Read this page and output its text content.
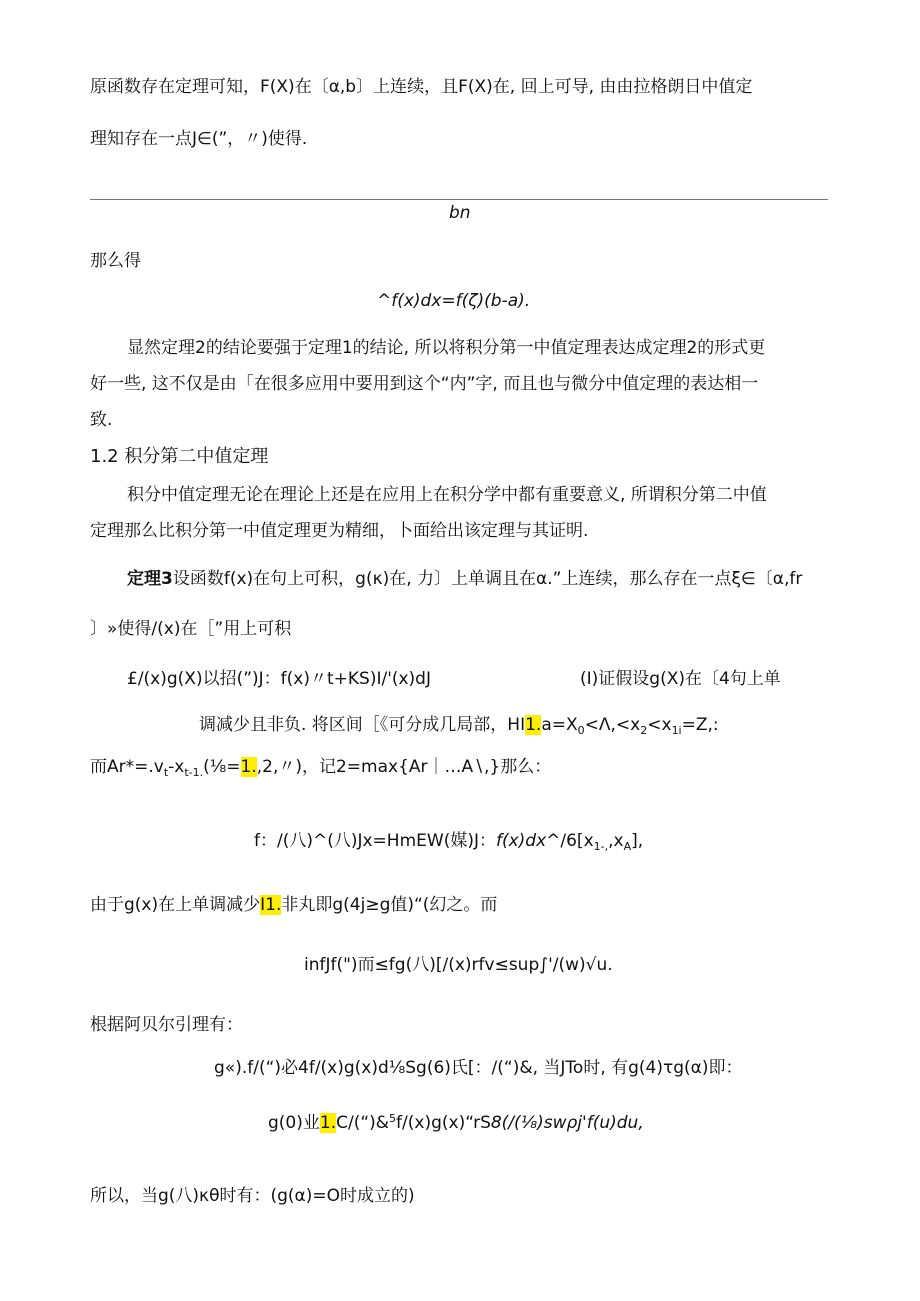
原函数存在定理可知，F(X)在〔α,b〕上连续，且F(X)在, 回上可导, 由由拉格朗日中值定
理知存在一点J∈(”，〃)使得.
bn
那么得
^f(x)dx=f(ζ)(b-a).
显然定理2的结论要强于定理1的结论, 所以将积分第一中值定理表达成定理2的形式更
好一些, 这不仅是由「在很多应用中要用到这个“内”字, 而且也与微分中值定理的表达相一
致.
1.2 积分第二中值定理
积分中值定理无论在理论上还是在应用上在积分学中都有重要意义, 所谓积分第二中值
定理那么比积分第一中值定理更为精细，卜面给出该定理与其证明.
定理3设函数f(x)在句上可积，g(κ)在, 力〕上单调且在α.”上连续，那么存在一点ξ∈〔α,fr
〕»使得/(x)在［”用上可积
£/(x)g(X)以招(”)J：f(x)〃t+KS)I/'(x)dJ	(I)证假设g(X)在〔4句上单
调减少且非负. 将区间［《可分成几局部，$HI1.a=X_0<\Lambda,<x_2<x_{1i}=Z$,:
而$Ar*=.v_t-x_{t-1.}(\frac{1}{8}=1.,2$,〃)，记2=max{Ar｜…A∖,}那么：
f：/(八)^(八)Jx=HmEW(媒)J：$f(x)dx\^{}/6[x_{1-,},x_A]$,
由于g(x)在上单调减少I1.非丸即g(4j≥g值)“(幻之。而
infJf(")而≤fg(八)[/(x)rfv≤sup∫'∕(w)√u.
根据阿贝尔引理有：
g«).f/(“)必4f∕(x)g(x)d⅛Sg(6)氏[：/(“)&, 当JTo时, 有g(4)τg(α)即：
g(0)业1.C/(“)&$^5$f/(x)g(x)“rS8(/(⅛)swρj'f(u)du,
所以，当g(八)κθ时有：(g(α)=O时成立的)
